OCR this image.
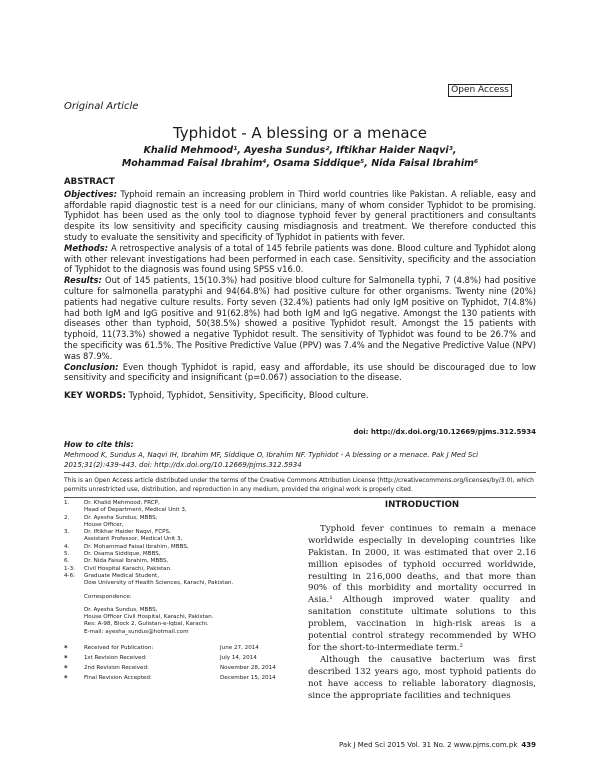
Open Access
Original Article
Typhidot - A blessing or a menace
Khalid Mehmood¹, Ayesha Sundus², Iftikhar Haider Naqvi³,
Mohammad Faisal Ibrahim⁴, Osama Siddique⁵, Nida Faisal Ibrahim⁶

ABSTRACT

Objectives: Typhoid remain an increasing problem in Third world countries like Pakistan. A reliable, easy and affordable rapid diagnostic test is a need for our clinicians, many of whom consider Typhidot to be promising. Typhidot has been used as the only tool to diagnose typhoid fever by general practitioners and consultants despite its low sensitivity and specificity causing misdiagnosis and treatment. We therefore conducted this study to evaluate the sensitivity and specificity of Typhidot in patients with fever.

Methods: A retrospective analysis of a total of 145 febrile patients was done. Blood culture and Typhidot along with other relevant investigations had been performed in each case. Sensitivity, specificity and the association of Typhidot to the diagnosis was found using SPSS v16.0.

Results: Out of 145 patients, 15(10.3%) had positive blood culture for Salmonella typhi, 7 (4.8%) had positive culture for salmonella paratyphi and 94(64.8%) had positive culture for other organisms. Twenty nine (20%) patients had negative culture results. Forty seven (32.4%) patients had only IgM positive on Typhidot, 7(4.8%) had both IgM and IgG positive and 91(62.8%) had both IgM and IgG negative. Amongst the 130 patients with diseases other than typhoid, 50(38.5%) showed a positive Typhidot result. Amongst the 15 patients with typhoid, 11(73.3%) showed a negative Typhidot result. The sensitivity of Typhidot was found to be 26.7% and the specificity was 61.5%. The Positive Predictive Value (PPV) was 7.4% and the Negative Predictive Value (NPV) was 87.9%.

Conclusion: Even though Typhidot is rapid, easy and affordable, its use should be discouraged due to low sensitivity and specificity and insignificant (p=0.067) association to the disease.

KEY WORDS: Typhoid, Typhidot, Sensitivity, Specificity, Blood culture.

doi: http://dx.doi.org/10.12669/pjms.312.5934
How to cite this:
Mehmood K, Sundus A, Naqvi IH, Ibrahim MF, Siddique O, Ibrahim NF. Typhidot - A blessing or a menace. Pak J Med Sci
2015;31(2):439-443. doi: http://dx.doi.org/10.12669/pjms.312.5934
This is an Open Access article distributed under the terms of the Creative Commons Attribution License (http://creativecommons.org/licenses/by/3.0), which permits unrestricted use, distribution, and reproduction in any medium, provided the original work is properly cited.
1.	Dr. Khalid Mehmood, FRCP,
Head of Department, Medical Unit 3,
2.	Dr. Ayesha Sundus, MBBS,
House Officer,
3.	Dr. Iftikhar Haider Naqvi, FCPS,
Assistant Professor, Medical Unit 3,
4.	Dr. Mohammad Faisal Ibrahim, MBBS,
5.	Dr. Osama Siddique, MBBS,
6.	Dr. Nida Faisal Ibrahim, MBBS,
1-3:	Civil Hospital Karachi, Pakistan.
4-6:	Graduate Medical Student,
Dow University of Health Sciences, Karachi, Pakistan.
Correspondence:
Dr. Ayesha Sundus, MBBS,
House Officer Civil Hospital, Karachi, Pakistan.
Res: A-98, Block 2, Gulistan-e-Iqbal, Karachi.
E-mail: ayesha_sundus@hotmail.com
*	Received for Publication:	June 27, 2014
*	1st Revision Received:	July 14, 2014
*	2nd Revision Received:	November 28, 2014
*	Final Revision Accepted:	December 15, 2014
INTRODUCTION

Typhoid fever continues to remain a menace worldwide especially in developing countries like Pakistan. In 2000, it was estimated that over 2.16 million episodes of typhoid occurred worldwide, resulting in 216,000 deaths, and that more than 90% of this morbidity and mortality occurred in Asia.¹ Although improved water quality and sanitation constitute ultimate solutions to this problem, vaccination in high-risk areas is a potential control strategy recommended by WHO for the short-to-intermediate term.²

Although the causative bacterium was first described 132 years ago, most typhoid patients do not have access to reliable laboratory diagnosis, since the appropriate facilities and techniques

Pak J Med Sci 2015 Vol. 31 No. 2 www.pjms.com.pk 439
